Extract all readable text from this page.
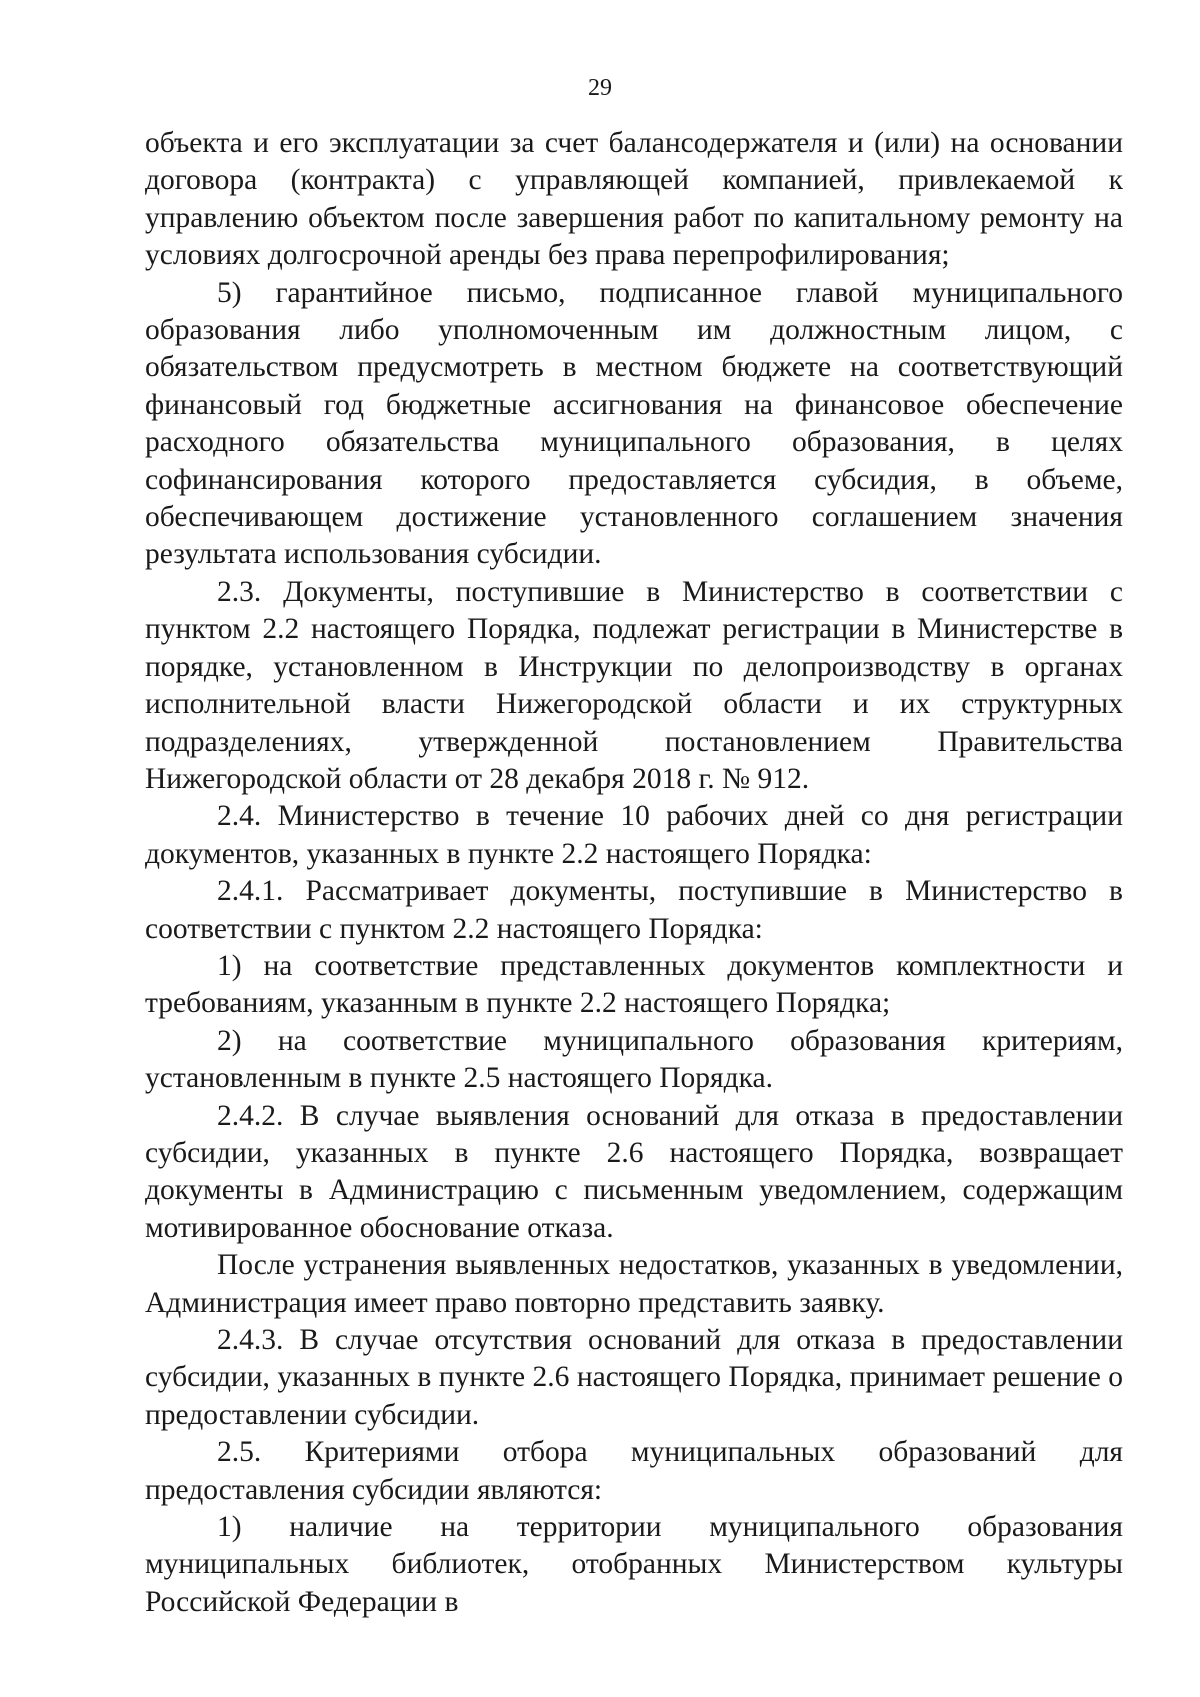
29

объекта и его эксплуатации за счет балансодержателя и (или) на основании договора (контракта) с управляющей компанией, привлекаемой к управлению объектом после завершения работ по капитальному ремонту на условиях долгосрочной аренды без права перепрофилирования;

5) гарантийное письмо, подписанное главой муниципального образования либо уполномоченным им должностным лицом, с обязательством предусмотреть в местном бюджете на соответствующий финансовый год бюджетные ассигнования на финансовое обеспечение расходного обязательства муниципального образования, в целях софинансирования которого предоставляется субсидия, в объеме, обеспечивающем достижение установленного соглашением значения результата использования субсидии.

2.3. Документы, поступившие в Министерство в соответствии с пунктом 2.2 настоящего Порядка, подлежат регистрации в Министерстве в порядке, установленном в Инструкции по делопроизводству в органах исполнительной власти Нижегородской области и их структурных подразделениях, утвержденной постановлением Правительства Нижегородской области от 28 декабря 2018 г. № 912.

2.4. Министерство в течение 10 рабочих дней со дня регистрации документов, указанных в пункте 2.2 настоящего Порядка:

2.4.1. Рассматривает документы, поступившие в Министерство в соответствии с пунктом 2.2 настоящего Порядка:

1) на соответствие представленных документов комплектности и требованиям, указанным в пункте 2.2 настоящего Порядка;

2) на соответствие муниципального образования критериям, установленным в пункте 2.5 настоящего Порядка.

2.4.2. В случае выявления оснований для отказа в предоставлении субсидии, указанных в пункте 2.6 настоящего Порядка, возвращает документы в Администрацию с письменным уведомлением, содержащим мотивированное обоснование отказа.

После устранения выявленных недостатков, указанных в уведомлении, Администрация имеет право повторно представить заявку.

2.4.3. В случае отсутствия оснований для отказа в предоставлении субсидии, указанных в пункте 2.6 настоящего Порядка, принимает решение о предоставлении субсидии.

2.5. Критериями отбора муниципальных образований для предоставления субсидии являются:

1) наличие на территории муниципального образования муниципальных библиотек, отобранных Министерством культуры Российской Федерации в
